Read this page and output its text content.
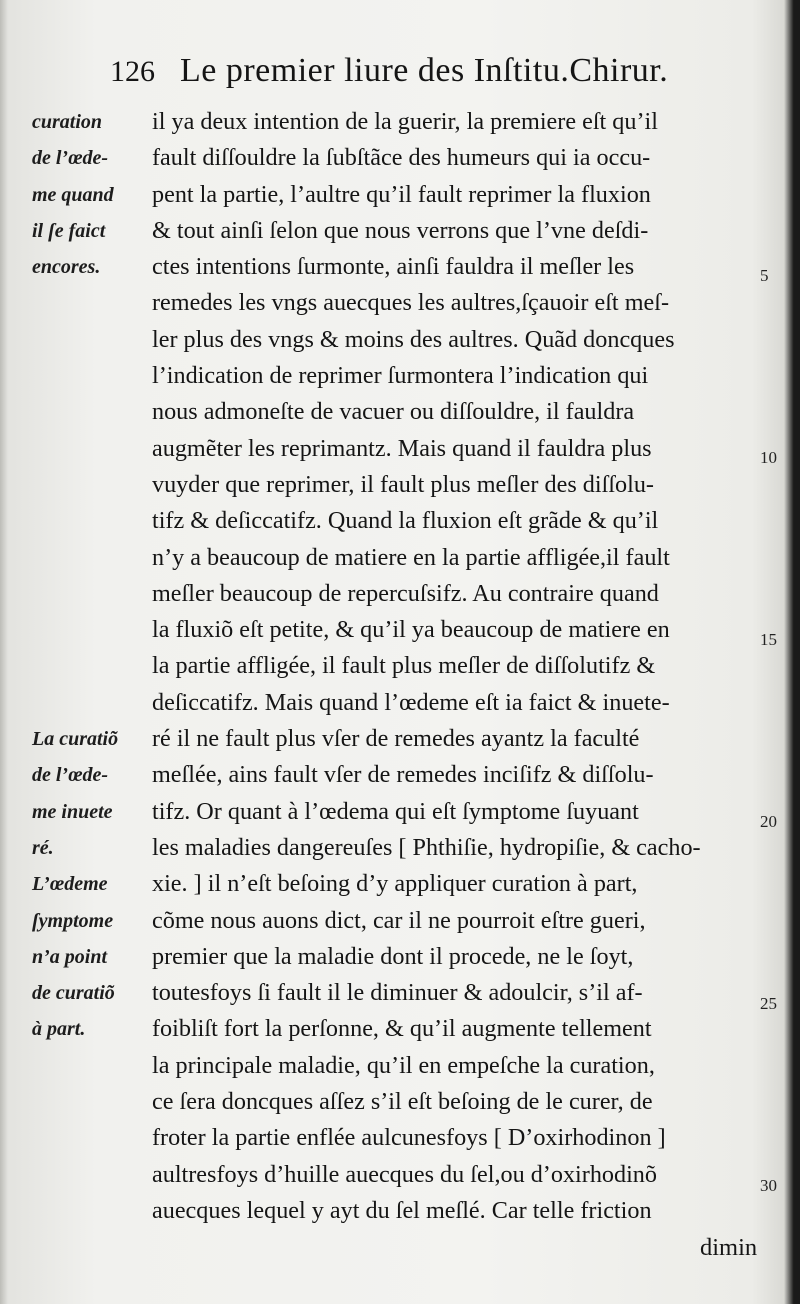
126 Le premier liure des Inſtitu.Chirur.
curation
de l’œde-
me quand
il ſe faict
encores.
La curatiõ
de l’œde-
me inuete
ré.
L’œdeme
ſymptome
n’a point
de curatiõ
à part.
il ya deux intention de la guerir, la premiere eſt qu’il
fault diſſouldre la ſubſtãce des humeurs qui ia occu-
pent la partie, l’aultre qu’il fault reprimer la fluxion
& tout ainſi ſelon que nous verrons que l’vne deſdi-
ctes intentions ſurmonte, ainſi fauldra il meſler les
remedes les vngs auecques les aultres,ſçauoir eſt meſ-
ler plus des vngs & moins des aultres. Quãd doncques
l’indication de reprimer ſurmontera l’indication qui
nous admoneſte de vacuer ou diſſouldre, il fauldra
augmẽter les reprimantz. Mais quand il fauldra plus
vuyder que reprimer, il fault plus meſler des diſſolu-
tifz & deſiccatifz. Quand la fluxion eſt grãde & qu’il
n’y a beaucoup de matiere en la partie affligée,il fault
meſler beaucoup de repercuſsifz. Au contraire quand
la fluxiõ eſt petite, & qu’il ya beaucoup de matiere en
la partie affligée, il fault plus meſler de diſſolutifz &
deſiccatifz. Mais quand l’œdeme eſt ia faict & inuete-
ré il ne fault plus vſer de remedes ayantz la faculté
meſlée, ains fault vſer de remedes inciſifz & diſſolu-
tifz. Or quant à l’œdema qui eſt ſymptome ſuyuant
les maladies dangereuſes [ Phthiſie, hydropiſie, & cacho-
xie. ] il n’eſt beſoing d’y appliquer curation à part,
cõme nous auons dict, car il ne pourroit eſtre gueri,
premier que la maladie dont il procede, ne le ſoyt,
toutesfoys ſi fault il le diminuer & adoulcir, s’il af-
foibliſt fort la perſonne, & qu’il augmente tellement
la principale maladie, qu’il en empeſche la curation,
ce ſera doncques aſſez s’il eſt beſoing de le curer, de
froter la partie enflée aulcunesfoys [ D’oxirhodinon ]
aultresfoys d’huille auecques du ſel,ou d’oxirhodinõ
auecques lequel y ayt du ſel meſlé. Car telle friction
5
10
15
20
25
30
dimin
